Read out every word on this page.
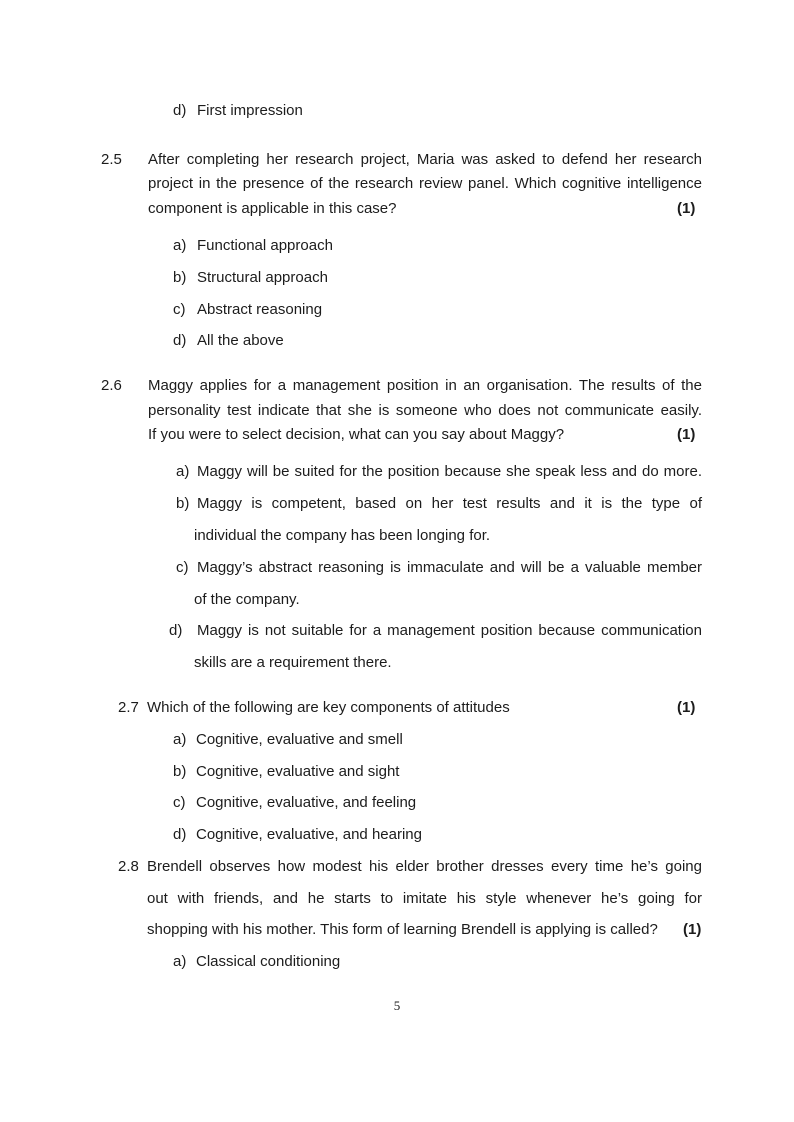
d) First impression
2.5 After completing her research project, Maria was asked to defend her research
project in the presence of the research review panel. Which cognitive intelligence
component is applicable in this case?	(1)
a) Functional approach
b) Structural approach
c) Abstract reasoning
d) All the above
2.6 Maggy applies for a management position in an organisation. The results of the
personality test indicate that she is someone who does not communicate easily.
If you were to select decision, what can you say about Maggy?	(1)
a) Maggy will be suited for the position because she speak less and do more.
b) Maggy is competent, based on her test results and it is the type of
individual the company has been longing for.
c) Maggy’s abstract reasoning is immaculate and will be a valuable member
of the company.
d) Maggy is not suitable for a management position because communication
skills are a requirement there.
2.7 Which of the following are key components of attitudes	(1)
a) Cognitive, evaluative and smell
b) Cognitive, evaluative and sight
c) Cognitive, evaluative, and feeling
d) Cognitive, evaluative, and hearing
2.8 Brendell observes how modest his elder brother dresses every time he’s going
out with friends, and he starts to imitate his style whenever he’s going for
shopping with his mother. This form of learning Brendell is applying is called? (1)
a) Classical conditioning
5
